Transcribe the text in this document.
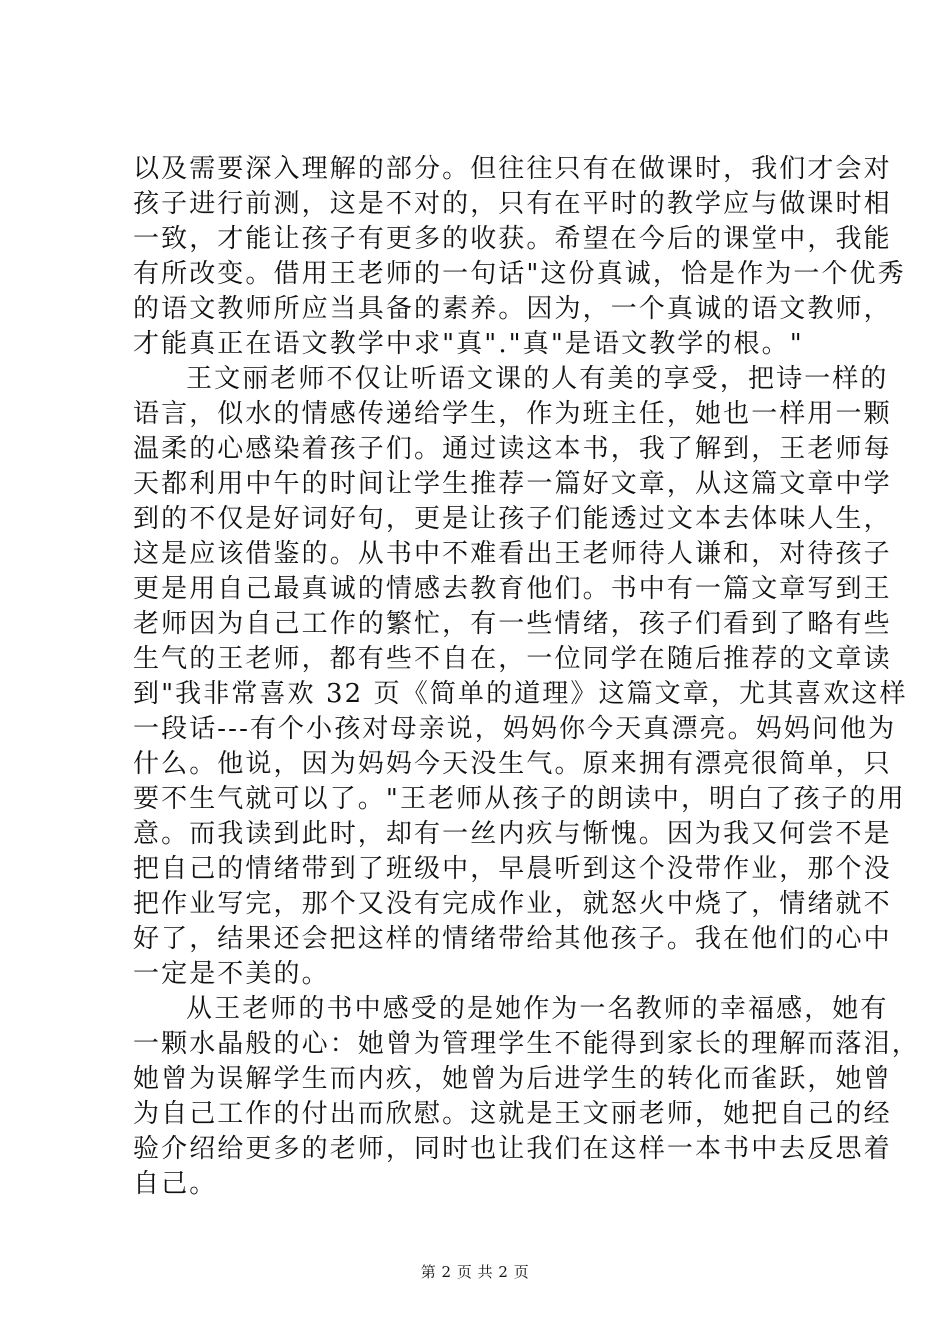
以及需要深入理解的部分。但往往只有在做课时，我们才会对
孩子进行前测，这是不对的，只有在平时的教学应与做课时相
一致，才能让孩子有更多的收获。希望在今后的课堂中，我能
有所改变。借用王老师的一句话"这份真诚，恰是作为一个优秀
的语文教师所应当具备的素养。因为，一个真诚的语文教师，
才能真正在语文教学中求"真"."真"是语文教学的根。"
王文丽老师不仅让听语文课的人有美的享受，把诗一样的
语言，似水的情感传递给学生，作为班主任，她也一样用一颗
温柔的心感染着孩子们。通过读这本书，我了解到，王老师每
天都利用中午的时间让学生推荐一篇好文章，从这篇文章中学
到的不仅是好词好句，更是让孩子们能透过文本去体味人生，
这是应该借鉴的。从书中不难看出王老师待人谦和，对待孩子
更是用自己最真诚的情感去教育他们。书中有一篇文章写到王
老师因为自己工作的繁忙，有一些情绪，孩子们看到了略有些
生气的王老师，都有些不自在，一位同学在随后推荐的文章读
到"我非常喜欢 32 页《简单的道理》这篇文章，尤其喜欢这样
一段话---有个小孩对母亲说，妈妈你今天真漂亮。妈妈问他为
什么。他说，因为妈妈今天没生气。原来拥有漂亮很简单，只
要不生气就可以了。"王老师从孩子的朗读中，明白了孩子的用
意。而我读到此时，却有一丝内疚与惭愧。因为我又何尝不是
把自己的情绪带到了班级中，早晨听到这个没带作业，那个没
把作业写完，那个又没有完成作业，就怒火中烧了，情绪就不
好了，结果还会把这样的情绪带给其他孩子。我在他们的心中
一定是不美的。
从王老师的书中感受的是她作为一名教师的幸福感，她有
一颗水晶般的心：她曾为管理学生不能得到家长的理解而落泪，
她曾为误解学生而内疚，她曾为后进学生的转化而雀跃，她曾
为自己工作的付出而欣慰。这就是王文丽老师，她把自己的经
验介绍给更多的老师，同时也让我们在这样一本书中去反思着
自己。
第 2 页 共 2 页
